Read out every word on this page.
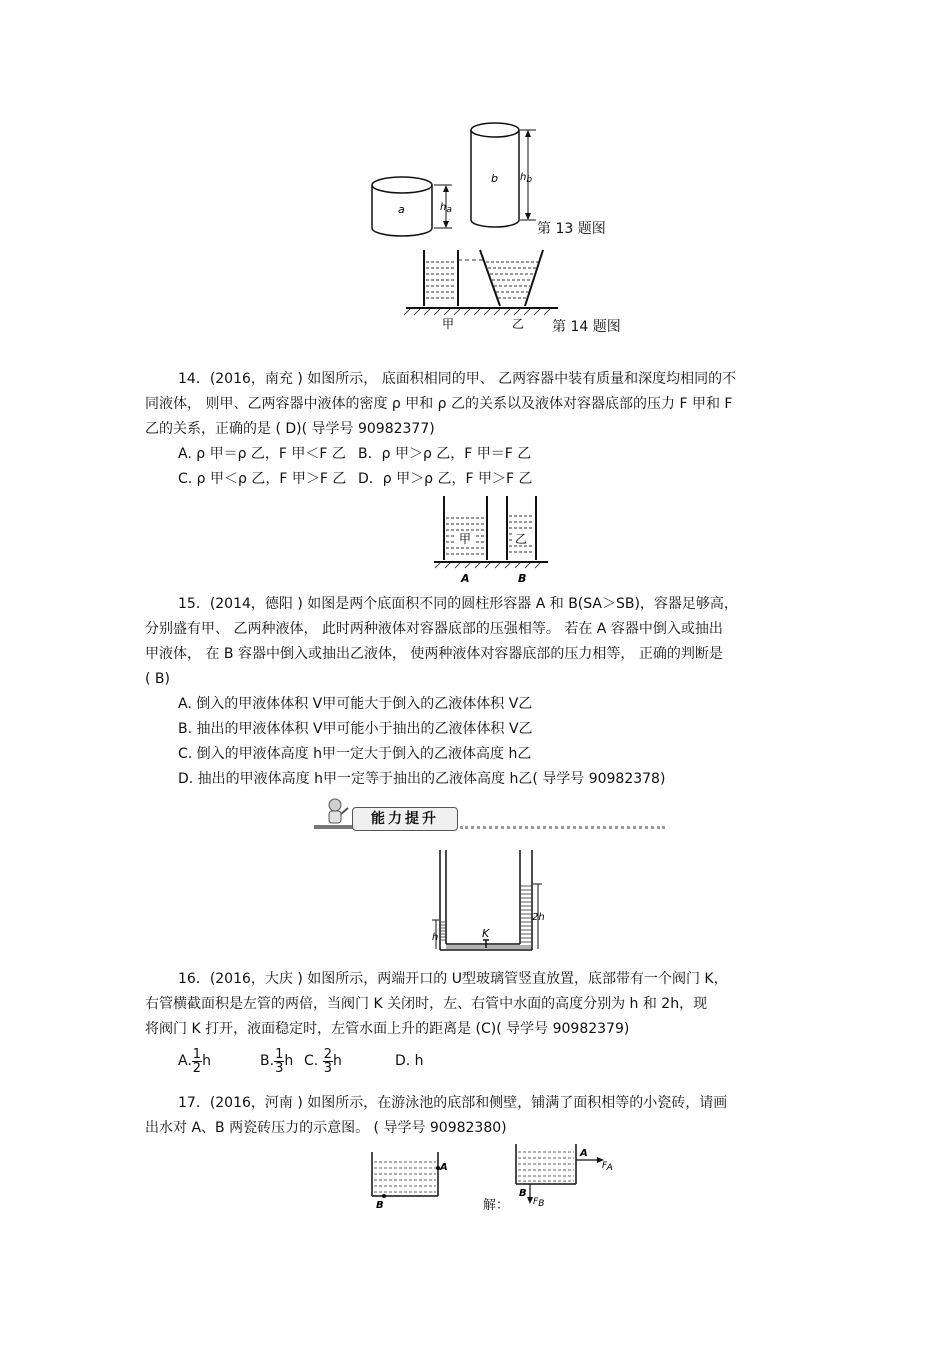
a	ha
b hb
第 13 题图
甲	乙 第 14 题图
14．(2016，南充 ) 如图所示， 底面积相同的甲、 乙两容器中装有质量和深度均相同的不
同液体， 则甲、乙两容器中液体的密度 ρ 甲和 ρ 乙的关系以及液体对容器底部的压力 F 甲和 F
乙的关系，正确的是 ( D)( 导学号 90982377)
A. ρ 甲＝ρ 乙，F 甲＜F 乙 B．ρ 甲＞ρ 乙，F 甲＝F 乙
C. ρ 甲＜ρ 乙，F 甲＞F 乙 D．ρ 甲＞ρ 乙，F 甲＞F 乙
甲	乙
A	B
15．(2014，德阳 ) 如图是两个底面积不同的圆柱形容器 A 和 B(SA＞SB)，容器足够高，
分别盛有甲、 乙两种液体， 此时两种液体对容器底部的压强相等。 若在 A 容器中倒入或抽出
甲液体， 在 B 容器中倒入或抽出乙液体， 使两种液体对容器底部的压力相等， 正确的判断是
( B)
A. 倒入的甲液体体积 V甲可能大于倒入的乙液体体积 V乙
B. 抽出的甲液体体积 V甲可能小于抽出的乙液体体积 V乙
C. 倒入的甲液体高度 h甲一定大于倒入的乙液体高度 h乙
D. 抽出的甲液体高度 h甲一定等于抽出的乙液体高度 h乙( 导学号 90982378)
能力提升
K
h
2h
16．(2016，大庆 ) 如图所示，两端开口的 U型玻璃管竖直放置，底部带有一个阀门 K，
右管横截面积是左管的两倍，当阀门 K 关闭时，左、右管中水面的高度分别为 h 和 2h，现
将阀门 K 打开，液面稳定时，左管水面上升的距离是 (C)( 导学号 90982379)
A. $\frac{1}{2}$ h	B. $\frac{1}{3}$ h C. $\frac{2}{3}$ h	D. h
17．(2016，河南 ) 如图所示，在游泳池的底部和侧壁，铺满了面积相等的小瓷砖，请画
出水对 A、B 两瓷砖压力的示意图。 ( 导学号 90982380)
A
B	解：
A
FA
B
FB
